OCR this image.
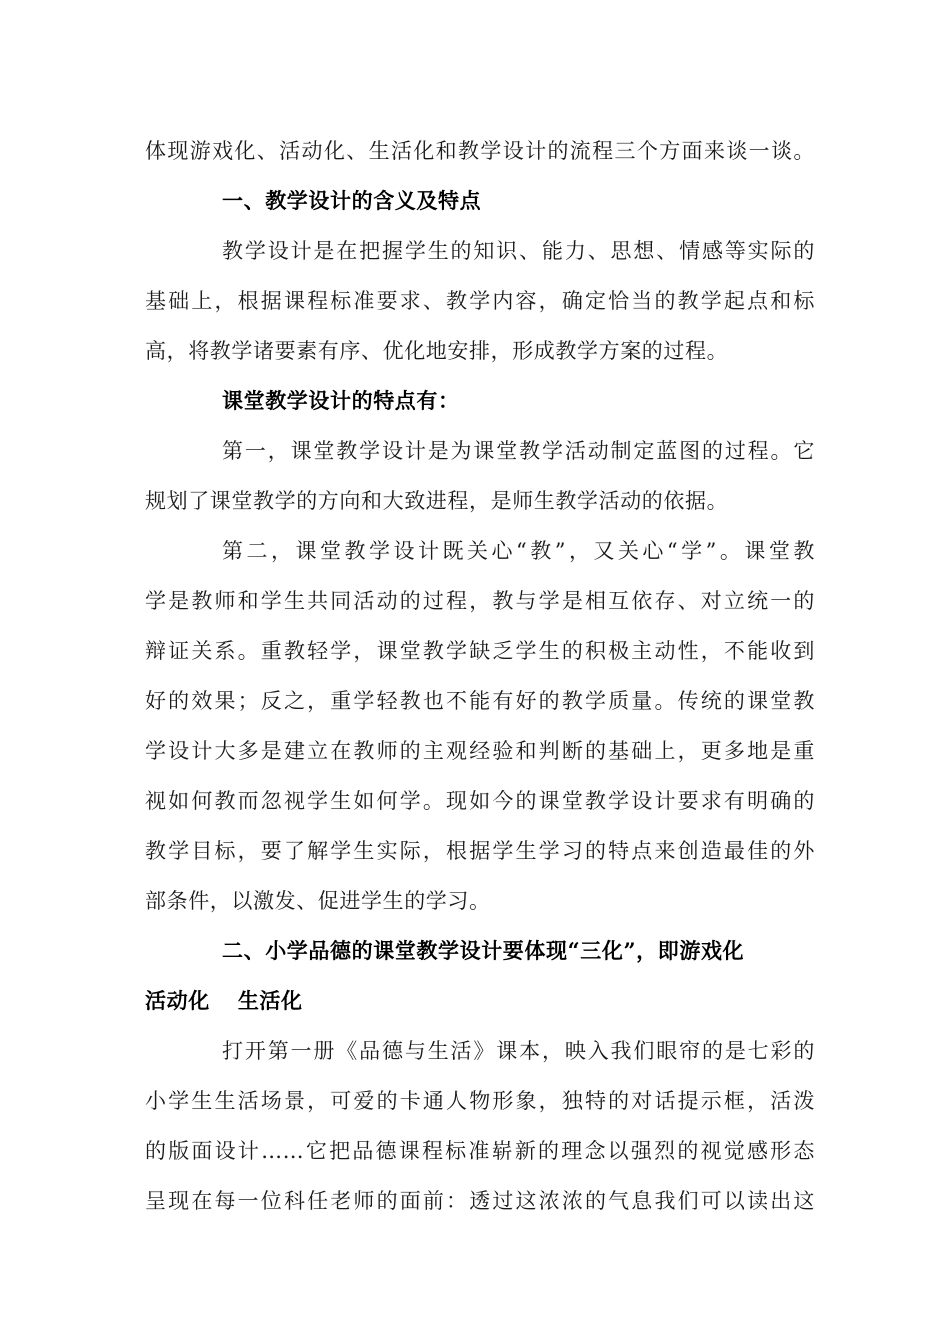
体现游戏化、活动化、生活化和教学设计的流程三个方面来谈一谈。
一、教学设计的含义及特点
教学设计是在把握学生的知识、能力、思想、情感等实际的
基础上，根据课程标准要求、教学内容，确定恰当的教学起点和标
高，将教学诸要素有序、优化地安排，形成教学方案的过程。
课堂教学设计的特点有：
第一，课堂教学设计是为课堂教学活动制定蓝图的过程。它
规划了课堂教学的方向和大致进程，是师生教学活动的依据。
第二，课堂教学设计既关心“教”，又关心“学”。课堂教
学是教师和学生共同活动的过程，教与学是相互依存、对立统一的
辩证关系。重教轻学，课堂教学缺乏学生的积极主动性，不能收到
好的效果；反之，重学轻教也不能有好的教学质量。传统的课堂教
学设计大多是建立在教师的主观经验和判断的基础上，更多地是重
视如何教而忽视学生如何学。现如今的课堂教学设计要求有明确的
教学目标，要了解学生实际，根据学生学习的特点来创造最佳的外
部条件，以激发、促进学生的学习。
二、小学品德的课堂教学设计要体现“三化”，即游戏化
活动化 生活化
打开第一册《品德与生活》课本，映入我们眼帘的是七彩的
小学生生活场景，可爱的卡通人物形象，独特的对话提示框，活泼
的版面设计……它把品德课程标准崭新的理念以强烈的视觉感形态
呈现在每一位科任老师的面前：透过这浓浓的气息我们可以读出这
